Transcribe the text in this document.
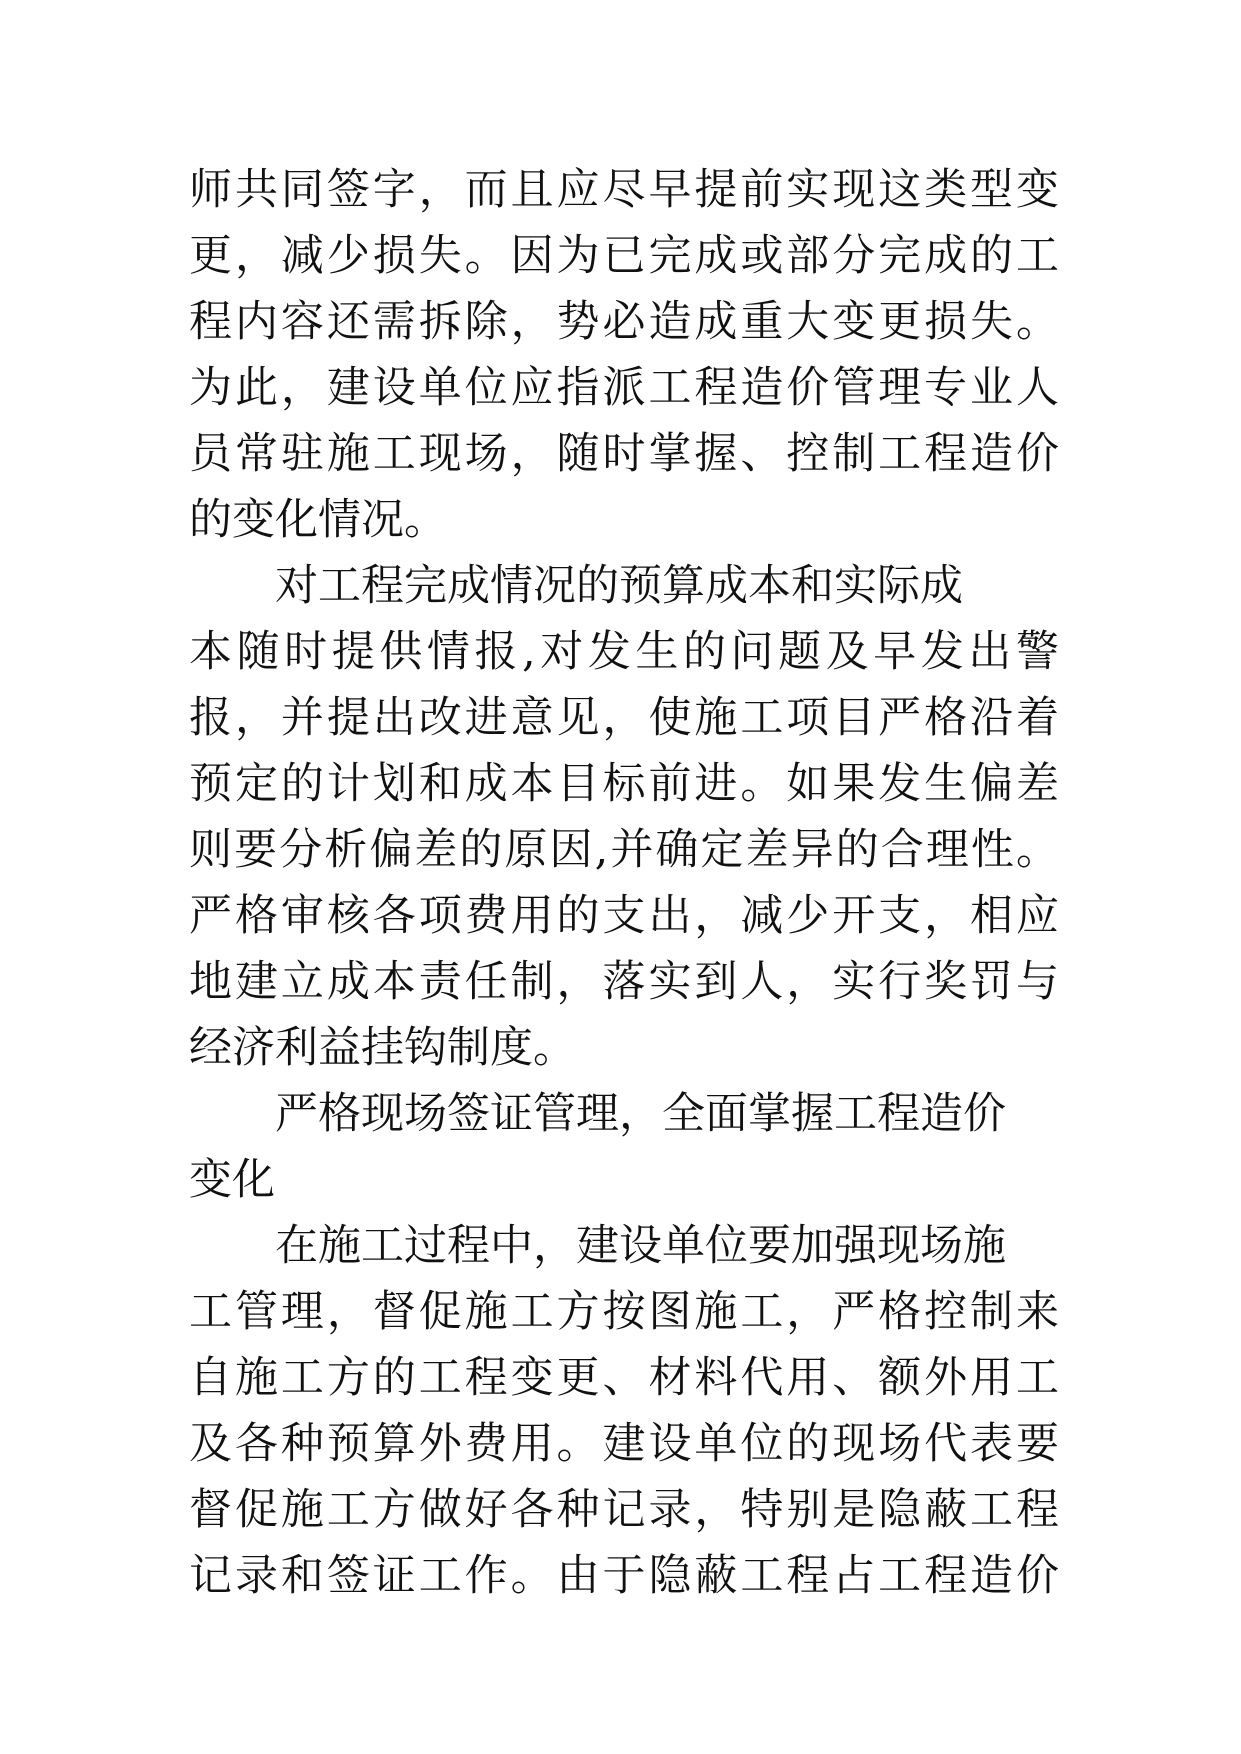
师共同签字，而且应尽早提前实现这类型变
更，减少损失。因为已完成或部分完成的工
程内容还需拆除，势必造成重大变更损失。
为此，建设单位应指派工程造价管理专业人
员常驻施工现场，随时掌握、控制工程造价
的变化情况。
　　对工程完成情况的预算成本和实际成
本随时提供情报,对发生的问题及早发出警
报，并提出改进意见，使施工项目严格沿着
预定的计划和成本目标前进。如果发生偏差
则要分析偏差的原因,并确定差异的合理性。
严格审核各项费用的支出，减少开支，相应
地建立成本责任制，落实到人，实行奖罚与
经济利益挂钩制度。
　　严格现场签证管理，全面掌握工程造价
变化
　　在施工过程中，建设单位要加强现场施
工管理，督促施工方按图施工，严格控制来
自施工方的工程变更、材料代用、额外用工
及各种预算外费用。建设单位的现场代表要
督促施工方做好各种记录，特别是隐蔽工程
记录和签证工作。由于隐蔽工程占工程造价
